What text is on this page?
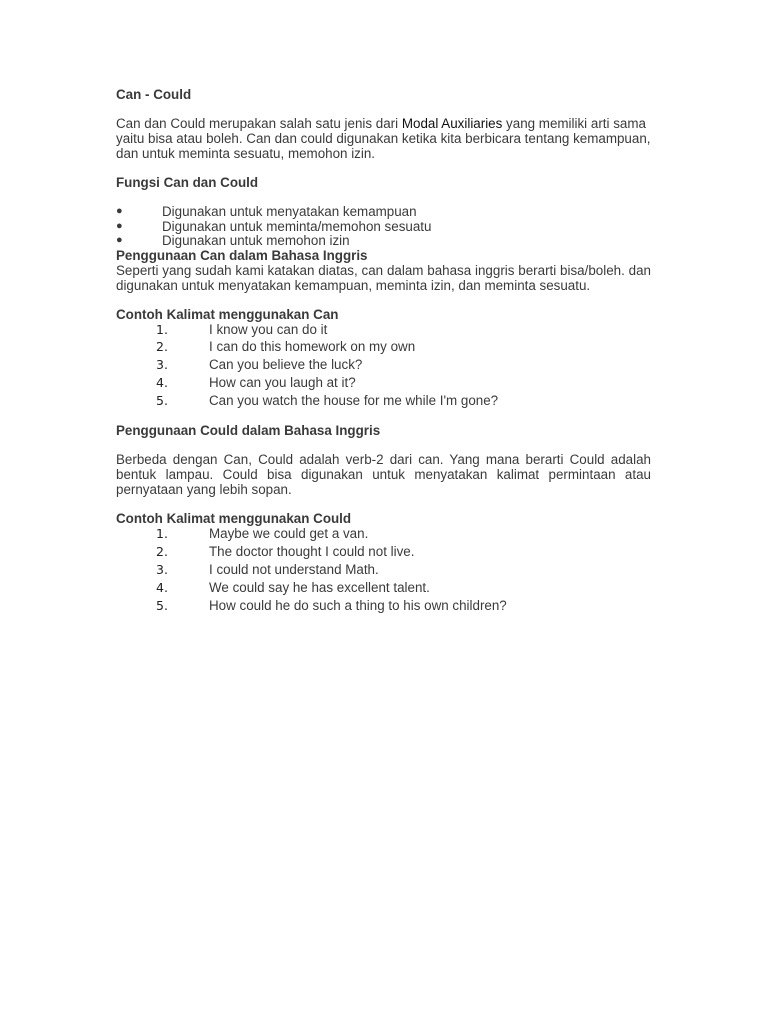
Can - Could

Can dan Could merupakan salah satu jenis dari Modal Auxiliaries yang memiliki arti sama yaitu bisa atau boleh. Can dan could digunakan ketika kita berbicara tentang kemampuan, dan untuk meminta sesuatu, memohon izin.

Fungsi Can dan Could
●	Digunakan untuk menyatakan kemampuan
●	Digunakan untuk meminta/memohon sesuatu
●	Digunakan untuk memohon izin
Penggunaan Can dalam Bahasa Inggris

Seperti yang sudah kami katakan diatas, can dalam bahasa inggris berarti bisa/boleh. dan digunakan untuk menyatakan kemampuan, meminta izin, dan meminta sesuatu.

Contoh Kalimat menggunakan Can
1.	I know you can do it
2.	I can do this homework on my own
3.	Can you believe the luck?
4.	How can you laugh at it?
5.	Can you watch the house for me while I'm gone?
Penggunaan Could dalam Bahasa Inggris

Berbeda dengan Can, Could adalah verb-2 dari can. Yang mana berarti Could adalah bentuk lampau. Could bisa digunakan untuk menyatakan kalimat permintaan atau pernyataan yang lebih sopan.

Contoh Kalimat menggunakan Could
1.	Maybe we could get a van.
2.	The doctor thought I could not live.
3.	I could not understand Math.
4.	We could say he has excellent talent.
5.	How could he do such a thing to his own children?
